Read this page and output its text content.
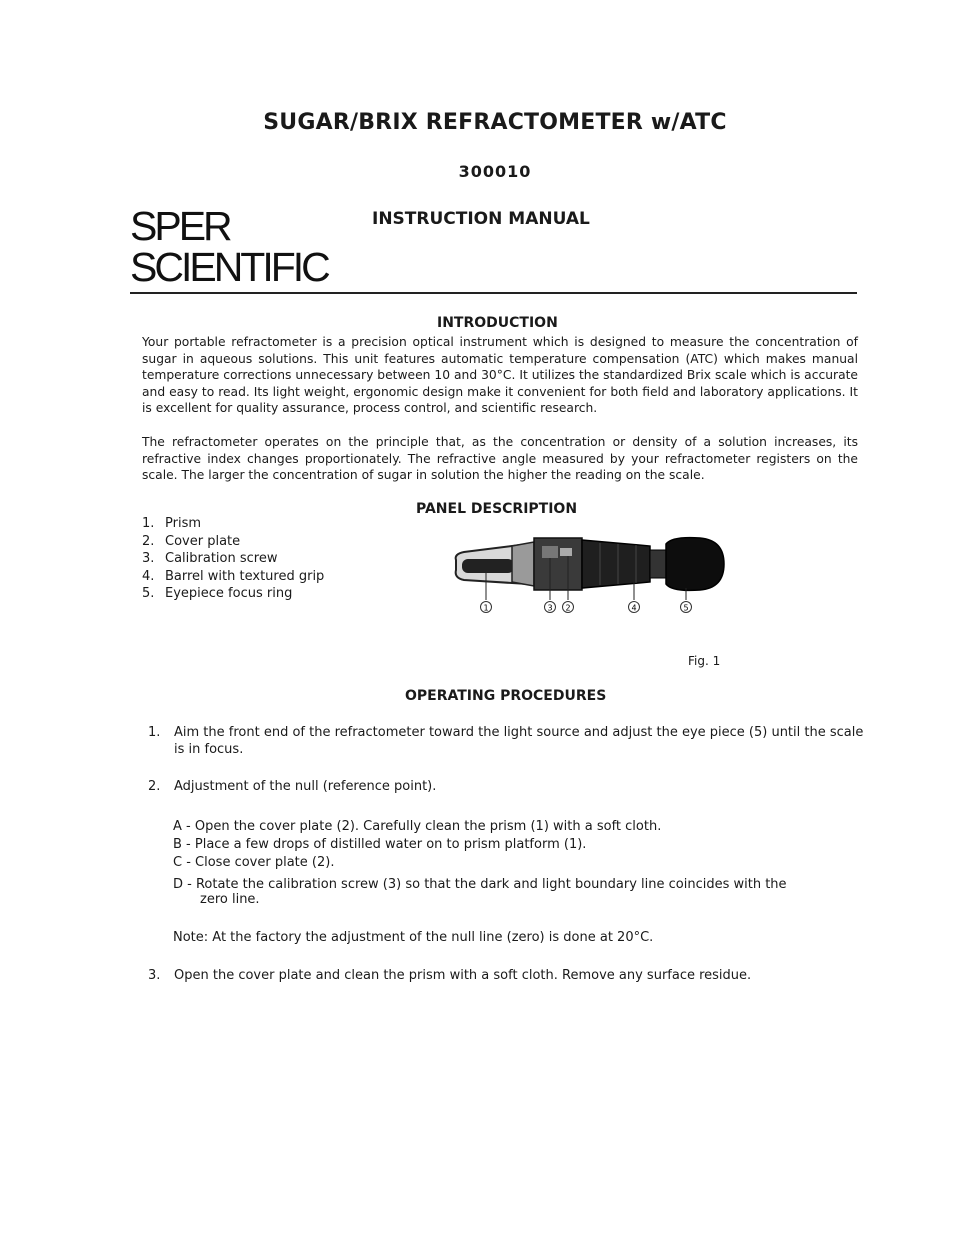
SUGAR/BRIX REFRACTOMETER w/ATC
300010
SPER
SCIENTIFIC
INSTRUCTION MANUAL
INTRODUCTION
Your portable refractometer is a precision optical instrument which is designed to measure the concentration of sugar in aqueous solutions. This unit features automatic temperature compensation (ATC) which makes manual temperature corrections unnecessary between 10 and 30°C. It utilizes the standardized Brix scale which is accurate and easy to read. Its light weight, ergonomic design make it convenient for both field and laboratory applications. It is excellent for quality assurance, process control, and scientific research.
The refractometer operates on the principle that, as the concentration or density of a solution increases, its refractive index changes proportionately. The refractive angle measured by your refractometer registers on the scale. The larger the concentration of sugar in solution the higher the reading on the scale.
PANEL DESCRIPTION
1. Prism
2. Cover plate
3. Calibration screw
4. Barrel with textured grip
5. Eyepiece focus ring
1	3 2	4	5
Fig. 1
OPERATING PROCEDURES
1. Aim the front end of the refractometer toward the light source and adjust the eye piece (5) until the scale
is in focus.
2. Adjustment of the null (reference point).
A - Open the cover plate (2). Carefully clean the prism (1) with a soft cloth.
B - Place a few drops of distilled water on to prism platform (1).
C - Close cover plate (2).
D - Rotate the calibration screw (3) so that the dark and light boundary line coincides with the
zero line.
Note: At the factory the adjustment of the null line (zero) is done at 20°C.
3. Open the cover plate and clean the prism with a soft cloth. Remove any surface residue.
